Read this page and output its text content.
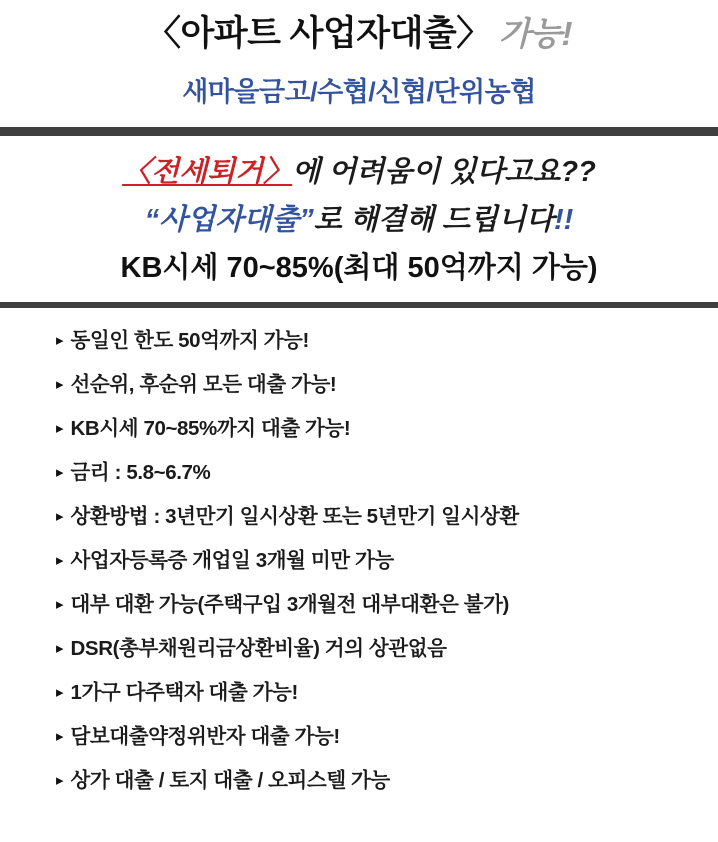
〈아파트 사업자대출〉 가능!
새마을금고/수협/신협/단위농협
〈전세퇴거〉에 어려움이 있다고요??
“사업자대출”로 해결해 드립니다!!
KB시세 70~85%(최대 50억까지 가능)
▸ 동일인 한도 50억까지 가능!
▸ 선순위, 후순위 모든 대출 가능!
▸ KB시세 70~85%까지 대출 가능!
▸ 금리 : 5.8~6.7%
▸ 상환방법 : 3년만기 일시상환 또는 5년만기 일시상환
▸ 사업자등록증 개업일 3개월 미만 가능
▸ 대부 대환 가능(주택구입 3개월전 대부대환은 불가)
▸ DSR(총부채원리금상환비율) 거의 상관없음
▸ 1가구 다주택자 대출 가능!
▸ 담보대출약정위반자 대출 가능!
▸ 상가 대출 / 토지 대출 / 오피스텔 가능
